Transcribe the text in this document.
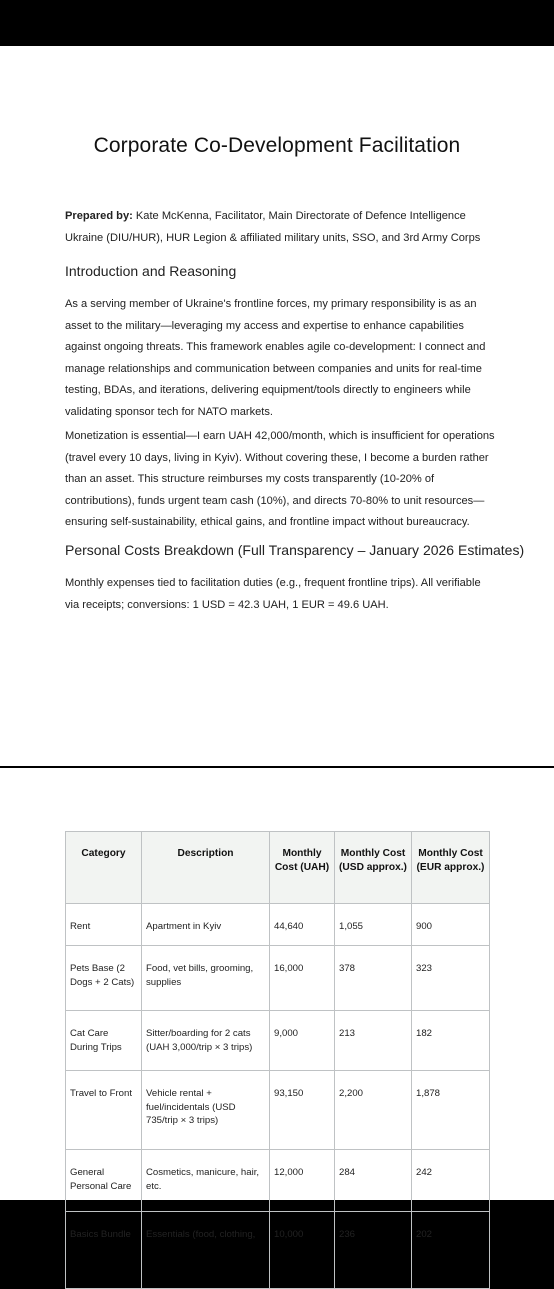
Corporate Co-Development Facilitation

Prepared by: Kate McKenna, Facilitator, Main Directorate of Defence Intelligence Ukraine (DIU/HUR), HUR Legion & affiliated military units, SSO, and 3rd Army Corps

Introduction and Reasoning

As a serving member of Ukraine's frontline forces, my primary responsibility is as an asset to the military—leveraging my access and expertise to enhance capabilities against ongoing threats. This framework enables agile co-development: I connect and manage relationships and communication between companies and units for real-time testing, BDAs, and iterations, delivering equipment/tools directly to engineers while validating sponsor tech for NATO markets.

Monetization is essential—I earn UAH 42,000/month, which is insufficient for operations (travel every 10 days, living in Kyiv). Without covering these, I become a burden rather than an asset. This structure reimburses my costs transparently (10-20% of contributions), funds urgent team cash (10%), and directs 70-80% to unit resources—ensuring self-sustainability, ethical gains, and frontline impact without bureaucracy.

Personal Costs Breakdown (Full Transparency – January 2026 Estimates)

Monthly expenses tied to facilitation duties (e.g., frequent frontline trips). All verifiable via receipts; conversions: 1 USD = 42.3 UAH, 1 EUR = 49.6 UAH.

Category	Description	Monthly Cost (UAH)	Monthly Cost (USD approx.)	Monthly Cost (EUR approx.)
Rent	Apartment in Kyiv	44,640	1,055	900
Pets Base (2 Dogs + 2 Cats)	Food, vet bills, grooming, supplies	16,000	378	323
Cat Care During Trips	Sitter/boarding for 2 cats (UAH 3,000/trip × 3 trips)	9,000	213	182
Travel to Front	Vehicle rental + fuel/incidentals (USD 735/trip × 3 trips)	93,150	2,200	1,878
General Personal Care	Cosmetics, manicure, hair, etc.	12,000	284	242
Basics Bundle	Essentials (food, clothing,	10,000	236	202
